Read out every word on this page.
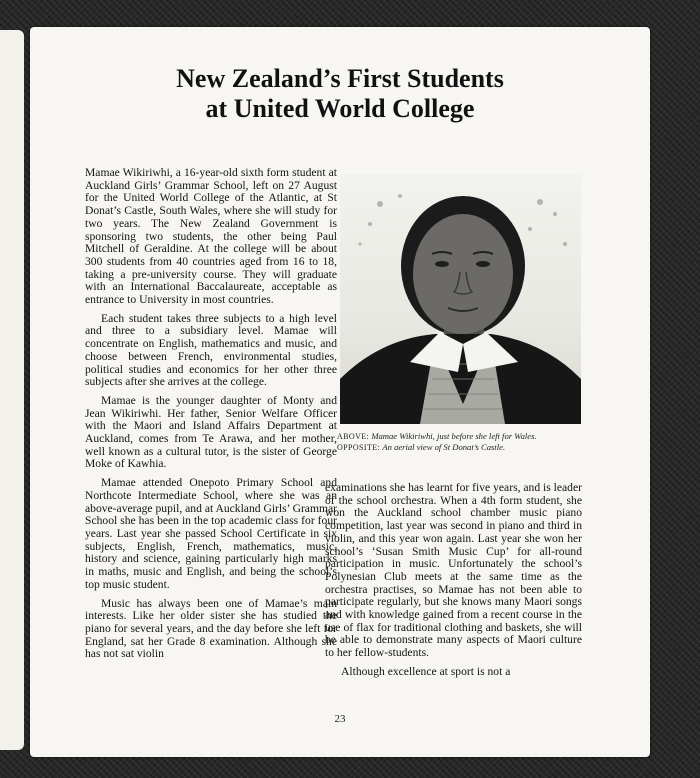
New Zealand’s First Students
at United World College

Mamae Wikiriwhi, a 16-year-old sixth form student at Auckland Girls’ Grammar School, left on 27 August for the United World College of the Atlantic, at St Donat’s Castle, South Wales, where she will study for two years. The New Zealand Government is sponsoring two students, the other being Paul Mitchell of Geraldine. At the college will be about 300 students from 40 countries aged from 16 to 18, taking a pre-university course. They will graduate with an International Baccalaureate, acceptable as entrance to University in most countries.

Each student takes three subjects to a high level and three to a subsidiary level. Mamae will concentrate on English, mathematics and music, and choose between French, environmental studies, political studies and economics for her other three subjects after she arrives at the college.

Mamae is the younger daughter of Monty and Jean Wikiriwhi. Her father, Senior Welfare Officer with the Maori and Island Affairs Department at Auckland, comes from Te Arawa, and her mother, well known as a cultural tutor, is the sister of George Moke of Kawhia.

Mamae attended Onepoto Primary School and Northcote Intermediate School, where she was an above-average pupil, and at Auckland Girls’ Grammar School she has been in the top academic class for four years. Last year she passed School Certificate in six subjects, English, French, mathematics, music, history and science, gaining particularly high marks in maths, music and English, and being the school’s top music student.

Music has always been one of Mamae’s main interests. Like her older sister she has studied the piano for several years, and the day before she left for England, sat her Grade 8 examination. Although she has not sat violin

ABOVE: Mamae Wikiriwhi, just before she left for Wales.
OPPOSITE: An aerial view of St Donat’s Castle.

examinations she has learnt for five years, and is leader of the school orchestra. When a 4th form student, she won the Auckland school chamber music piano competition, last year was second in piano and third in violin, and this year won again. Last year she won her school’s ‘Susan Smith Music Cup’ for all-round participation in music. Unfortunately the school’s Polynesian Club meets at the same time as the orchestra practises, so Mamae has not been able to participate regularly, but she knows many Maori songs and with knowledge gained from a recent course in the use of flax for traditional clothing and baskets, she will be able to demonstrate many aspects of Maori culture to her fellow-students.

Although excellence at sport is not a

23
